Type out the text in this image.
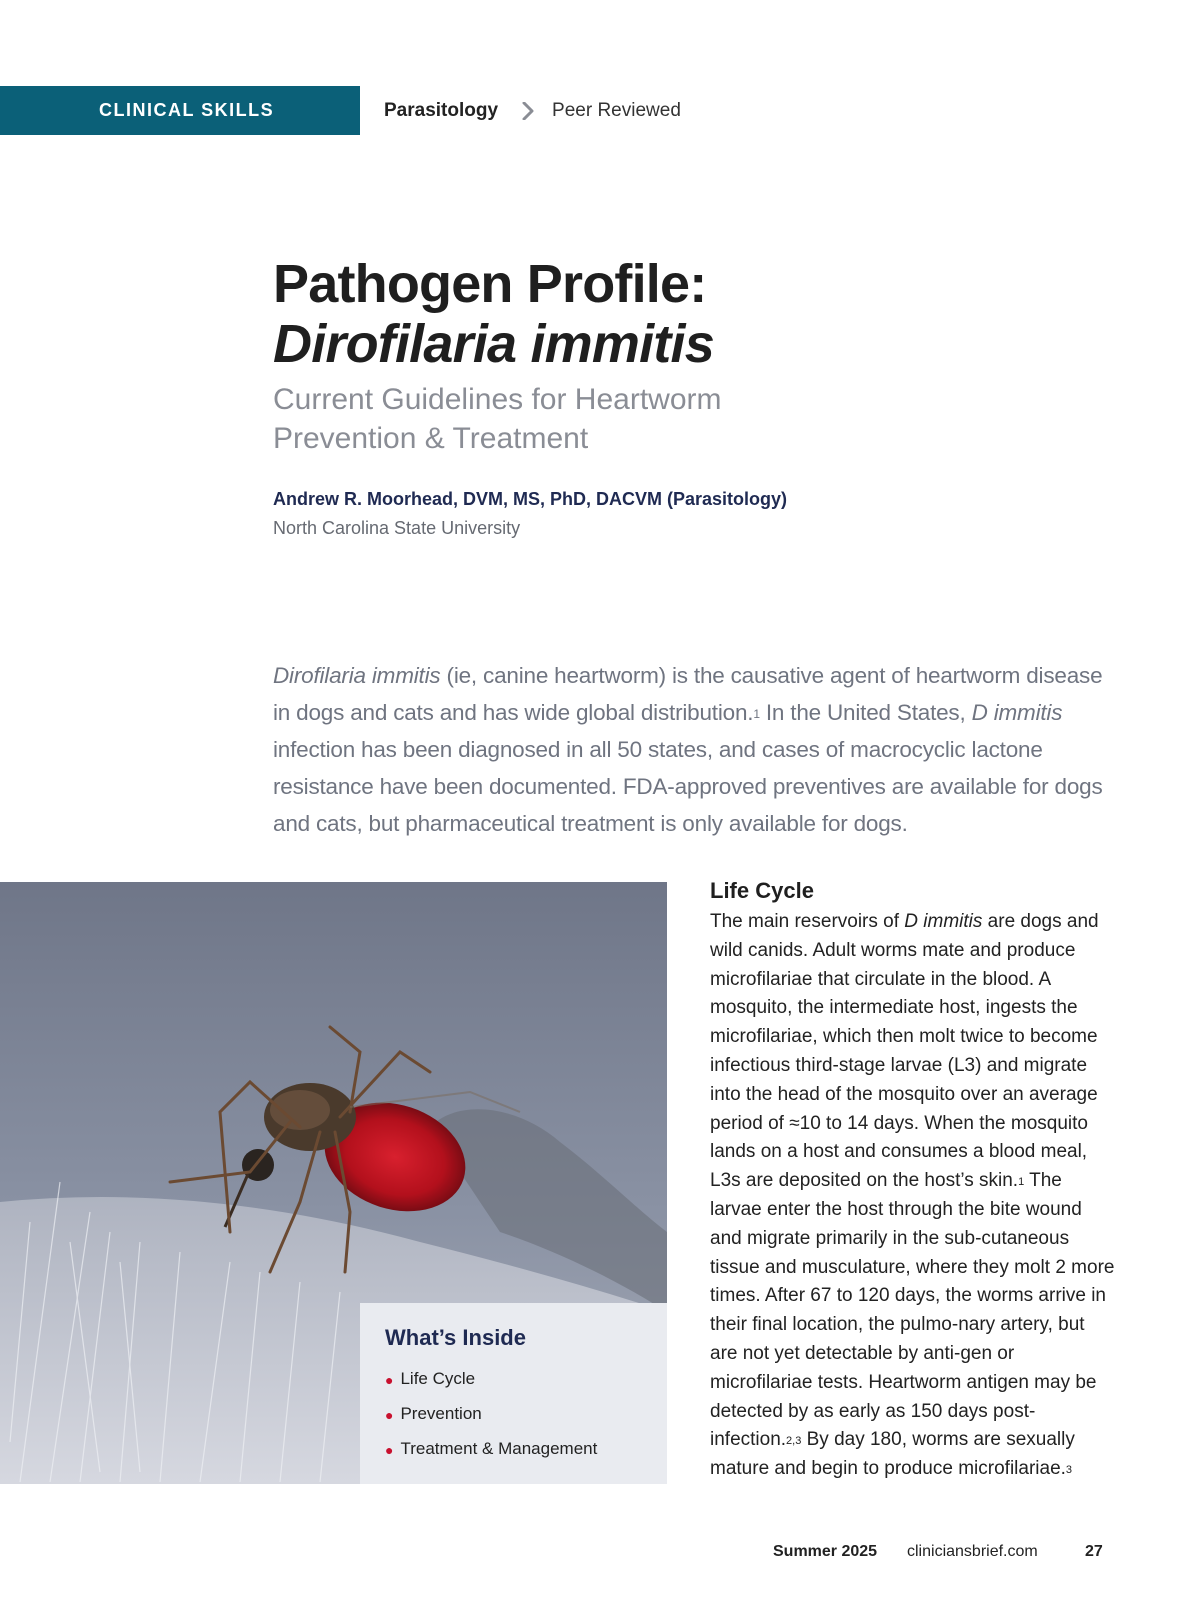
CLINICAL SKILLS	Parasitology	Peer Reviewed
Pathogen Profile:
Dirofilaria immitis
Current Guidelines for Heartworm Prevention & Treatment
Andrew R. Moorhead, DVM, MS, PhD, DACVM (Parasitology)
North Carolina State University

Dirofilaria immitis (ie, canine heartworm) is the causative agent of heartworm disease in dogs and cats and has wide global distribution.$^1$ In the United States, D immitis infection has been diagnosed in all 50 states, and cases of macrocyclic lactone resistance have been documented. FDA-approved preventives are available for dogs and cats, but pharmaceutical treatment is only available for dogs.

What’s Inside
● Life Cycle
● Prevention
● Treatment & Management
Life Cycle

The main reservoirs of D immitis are dogs and wild canids. Adult worms mate and produce microfilariae that circulate in the blood. A mosquito, the intermediate host, ingests the microfilariae, which then molt twice to become infectious third-stage larvae (L3) and migrate into the head of the mosquito over an average period of ≈10 to 14 days. When the mosquito lands on a host and consumes a blood meal, L3s are deposited on the host’s skin.$^1$ The larvae enter the host through the bite wound and migrate primarily in the sub-cutaneous tissue and musculature, where they molt 2 more times. After 67 to 120 days, the worms arrive in their final location, the pulmo-nary artery, but are not yet detectable by anti-gen or microfilariae tests. Heartworm antigen may be detected by as early as 150 days post-infection.$^{2,3}$ By day 180, worms are sexually mature and begin to produce microfilariae.$^3$

Summer 2025 cliniciansbrief.com	27
